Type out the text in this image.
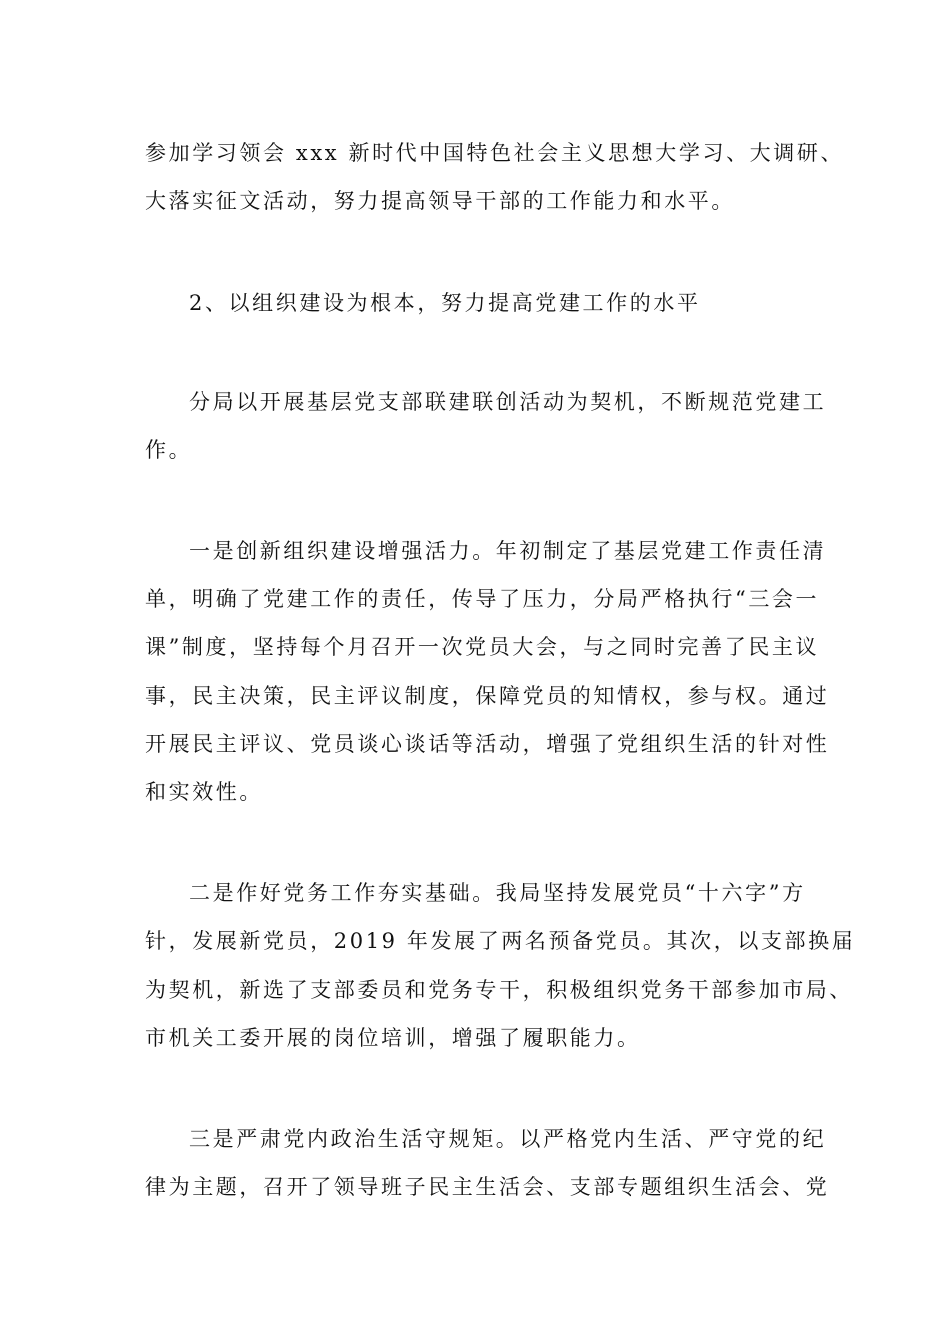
参加学习领会 xxx 新时代中国特色社会主义思想大学习、大调研、
大落实征文活动，努力提高领导干部的工作能力和水平。
2、以组织建设为根本，努力提高党建工作的水平
分局以开展基层党支部联建联创活动为契机，不断规范党建工
作。
一是创新组织建设增强活力。年初制定了基层党建工作责任清
单，明确了党建工作的责任，传导了压力，分局严格执行“三会一
课”制度，坚持每个月召开一次党员大会，与之同时完善了民主议
事，民主决策，民主评议制度，保障党员的知情权，参与权。通过
开展民主评议、党员谈心谈话等活动，增强了党组织生活的针对性
和实效性。
二是作好党务工作夯实基础。我局坚持发展党员“十六字”方
针，发展新党员，2019 年发展了两名预备党员。其次，以支部换届
为契机，新选了支部委员和党务专干，积极组织党务干部参加市局、
市机关工委开展的岗位培训，增强了履职能力。
三是严肃党内政治生活守规矩。以严格党内生活、严守党的纪
律为主题，召开了领导班子民主生活会、支部专题组织生活会、党
